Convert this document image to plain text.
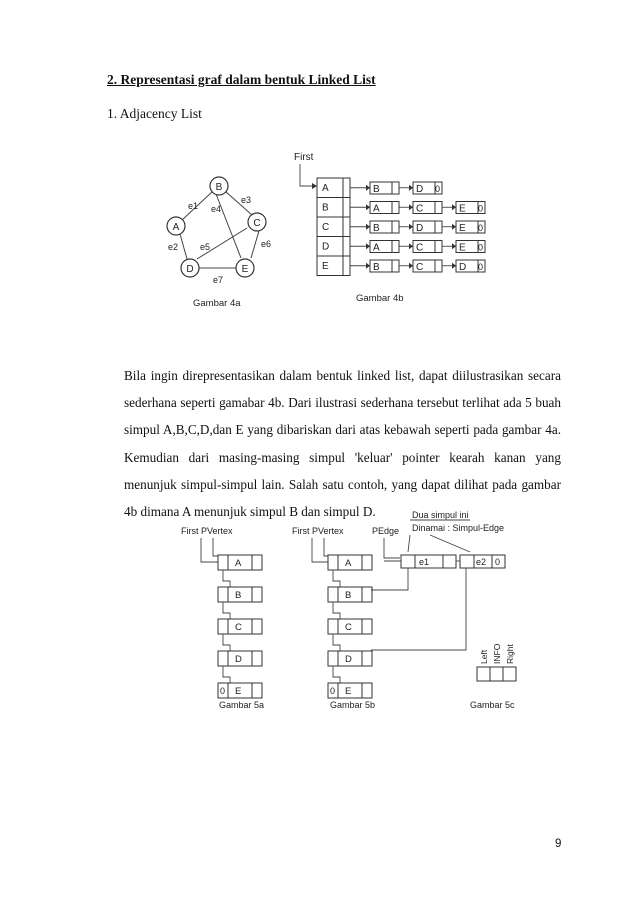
2. Representasi graf dalam bentuk Linked List
1. Adjacency List
B
A	C
D	E
e1
e2
e3
e4
e5	e6
e7
Gambar 4a
First
A	B	D 0
B	A	C	E 0
C	B	D	E 0
D	A	C	E 0
E	B	C	D 0
Gambar 4b

Bila ingin direpresentasikan dalam bentuk linked list, dapat diilustrasikan secara sederhana seperti gamabar 4b. Dari ilustrasi sederhana tersebut terlihat ada 5 buah simpul A,B,C,D,dan E yang dibariskan dari atas kebawah seperti pada gambar 4a. Kemudian dari masing-masing simpul 'keluar' pointer kearah kanan yang menunjuk simpul-simpul lain. Salah satu contoh, yang dapat dilihat pada gambar 4b dimana A menunjuk simpul B dan simpul D.

First PVertex
A
B
C
D
E
0
Gambar 5a
First PVertex	PEdge
Dua simpul ini
Dinamai : Simpul-Edge
A
B
C
D
E
0
e1	e2 0
Gambar 5b
Left INFO Right
Gambar 5c
9
